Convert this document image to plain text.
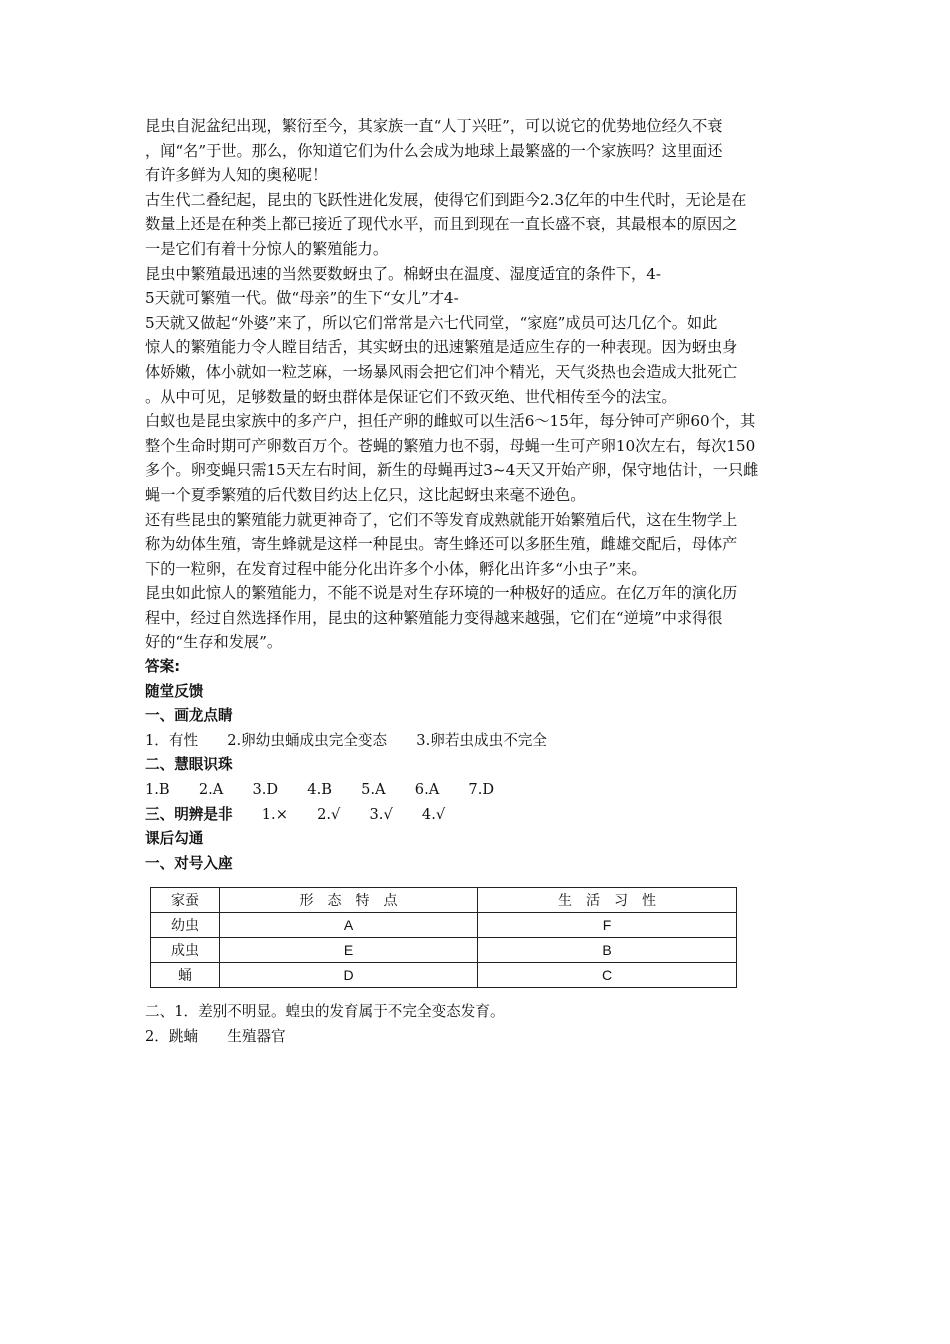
昆虫自泥盆纪出现，繁衍至今，其家族一直“人丁兴旺”，可以说它的优势地位经久不衰
，闻“名”于世。那么，你知道它们为什么会成为地球上最繁盛的一个家族吗？这里面还
有许多鲜为人知的奥秘呢！

古生代二叠纪起，昆虫的飞跃性进化发展，使得它们到距今2.3亿年的中生代时，无论是在
数量上还是在种类上都已接近了现代水平，而且到现在一直长盛不衰，其最根本的原因之
一是它们有着十分惊人的繁殖能力。

昆虫中繁殖最迅速的当然要数蚜虫了。棉蚜虫在温度、湿度适宜的条件下，4-
5天就可繁殖一代。做“母亲”的生下“女儿”才4-
5天就又做起“外婆”来了，所以它们常常是六七代同堂，“家庭”成员可达几亿个。如此
惊人的繁殖能力令人瞠目结舌，其实蚜虫的迅速繁殖是适应生存的一种表现。因为蚜虫身
体娇嫩，体小就如一粒芝麻，一场暴风雨会把它们冲个精光，天气炎热也会造成大批死亡
。从中可见，足够数量的蚜虫群体是保证它们不致灭绝、世代相传至今的法宝。

白蚁也是昆虫家族中的多产户，担任产卵的雌蚁可以生活6～15年，每分钟可产卵60个，其
整个生命时期可产卵数百万个。苍蝇的繁殖力也不弱，母蝇一生可产卵10次左右，每次150
多个。卵变蝇只需15天左右时间，新生的母蝇再过3~4天又开始产卵，保守地估计，一只雌
蝇一个夏季繁殖的后代数目约达上亿只，这比起蚜虫来毫不逊色。

还有些昆虫的繁殖能力就更神奇了，它们不等发育成熟就能开始繁殖后代，这在生物学上
称为幼体生殖，寄生蜂就是这样一种昆虫。寄生蜂还可以多胚生殖，雌雄交配后，母体产
下的一粒卵，在发育过程中能分化出许多个小体，孵化出许多“小虫子”来。

昆虫如此惊人的繁殖能力，不能不说是对生存环境的一种极好的适应。在亿万年的演化历
程中，经过自然选择作用，昆虫的这种繁殖能力变得越来越强，它们在“逆境”中求得很
好的“生存和发展”。

答案:

随堂反馈

一、画龙点睛

1．有性　　2.卵幼虫蛹成虫完全变态　　3.卵若虫成虫不完全

二、慧眼识珠

1.B　　2.A　　3.D　　4.B　　5.A　　6.A　　7.D

三、明辨是非　　1.×　　2.√　　3.√　　4.√

课后勾通

一、对号入座

家蚕	形　态　特　点	生　活　习　性
幼虫	A	F
成虫	E	B
蛹	D	C

二、1．差别不明显。蝗虫的发育属于不完全变态发育。

2．跳蝻　　生殖器官
